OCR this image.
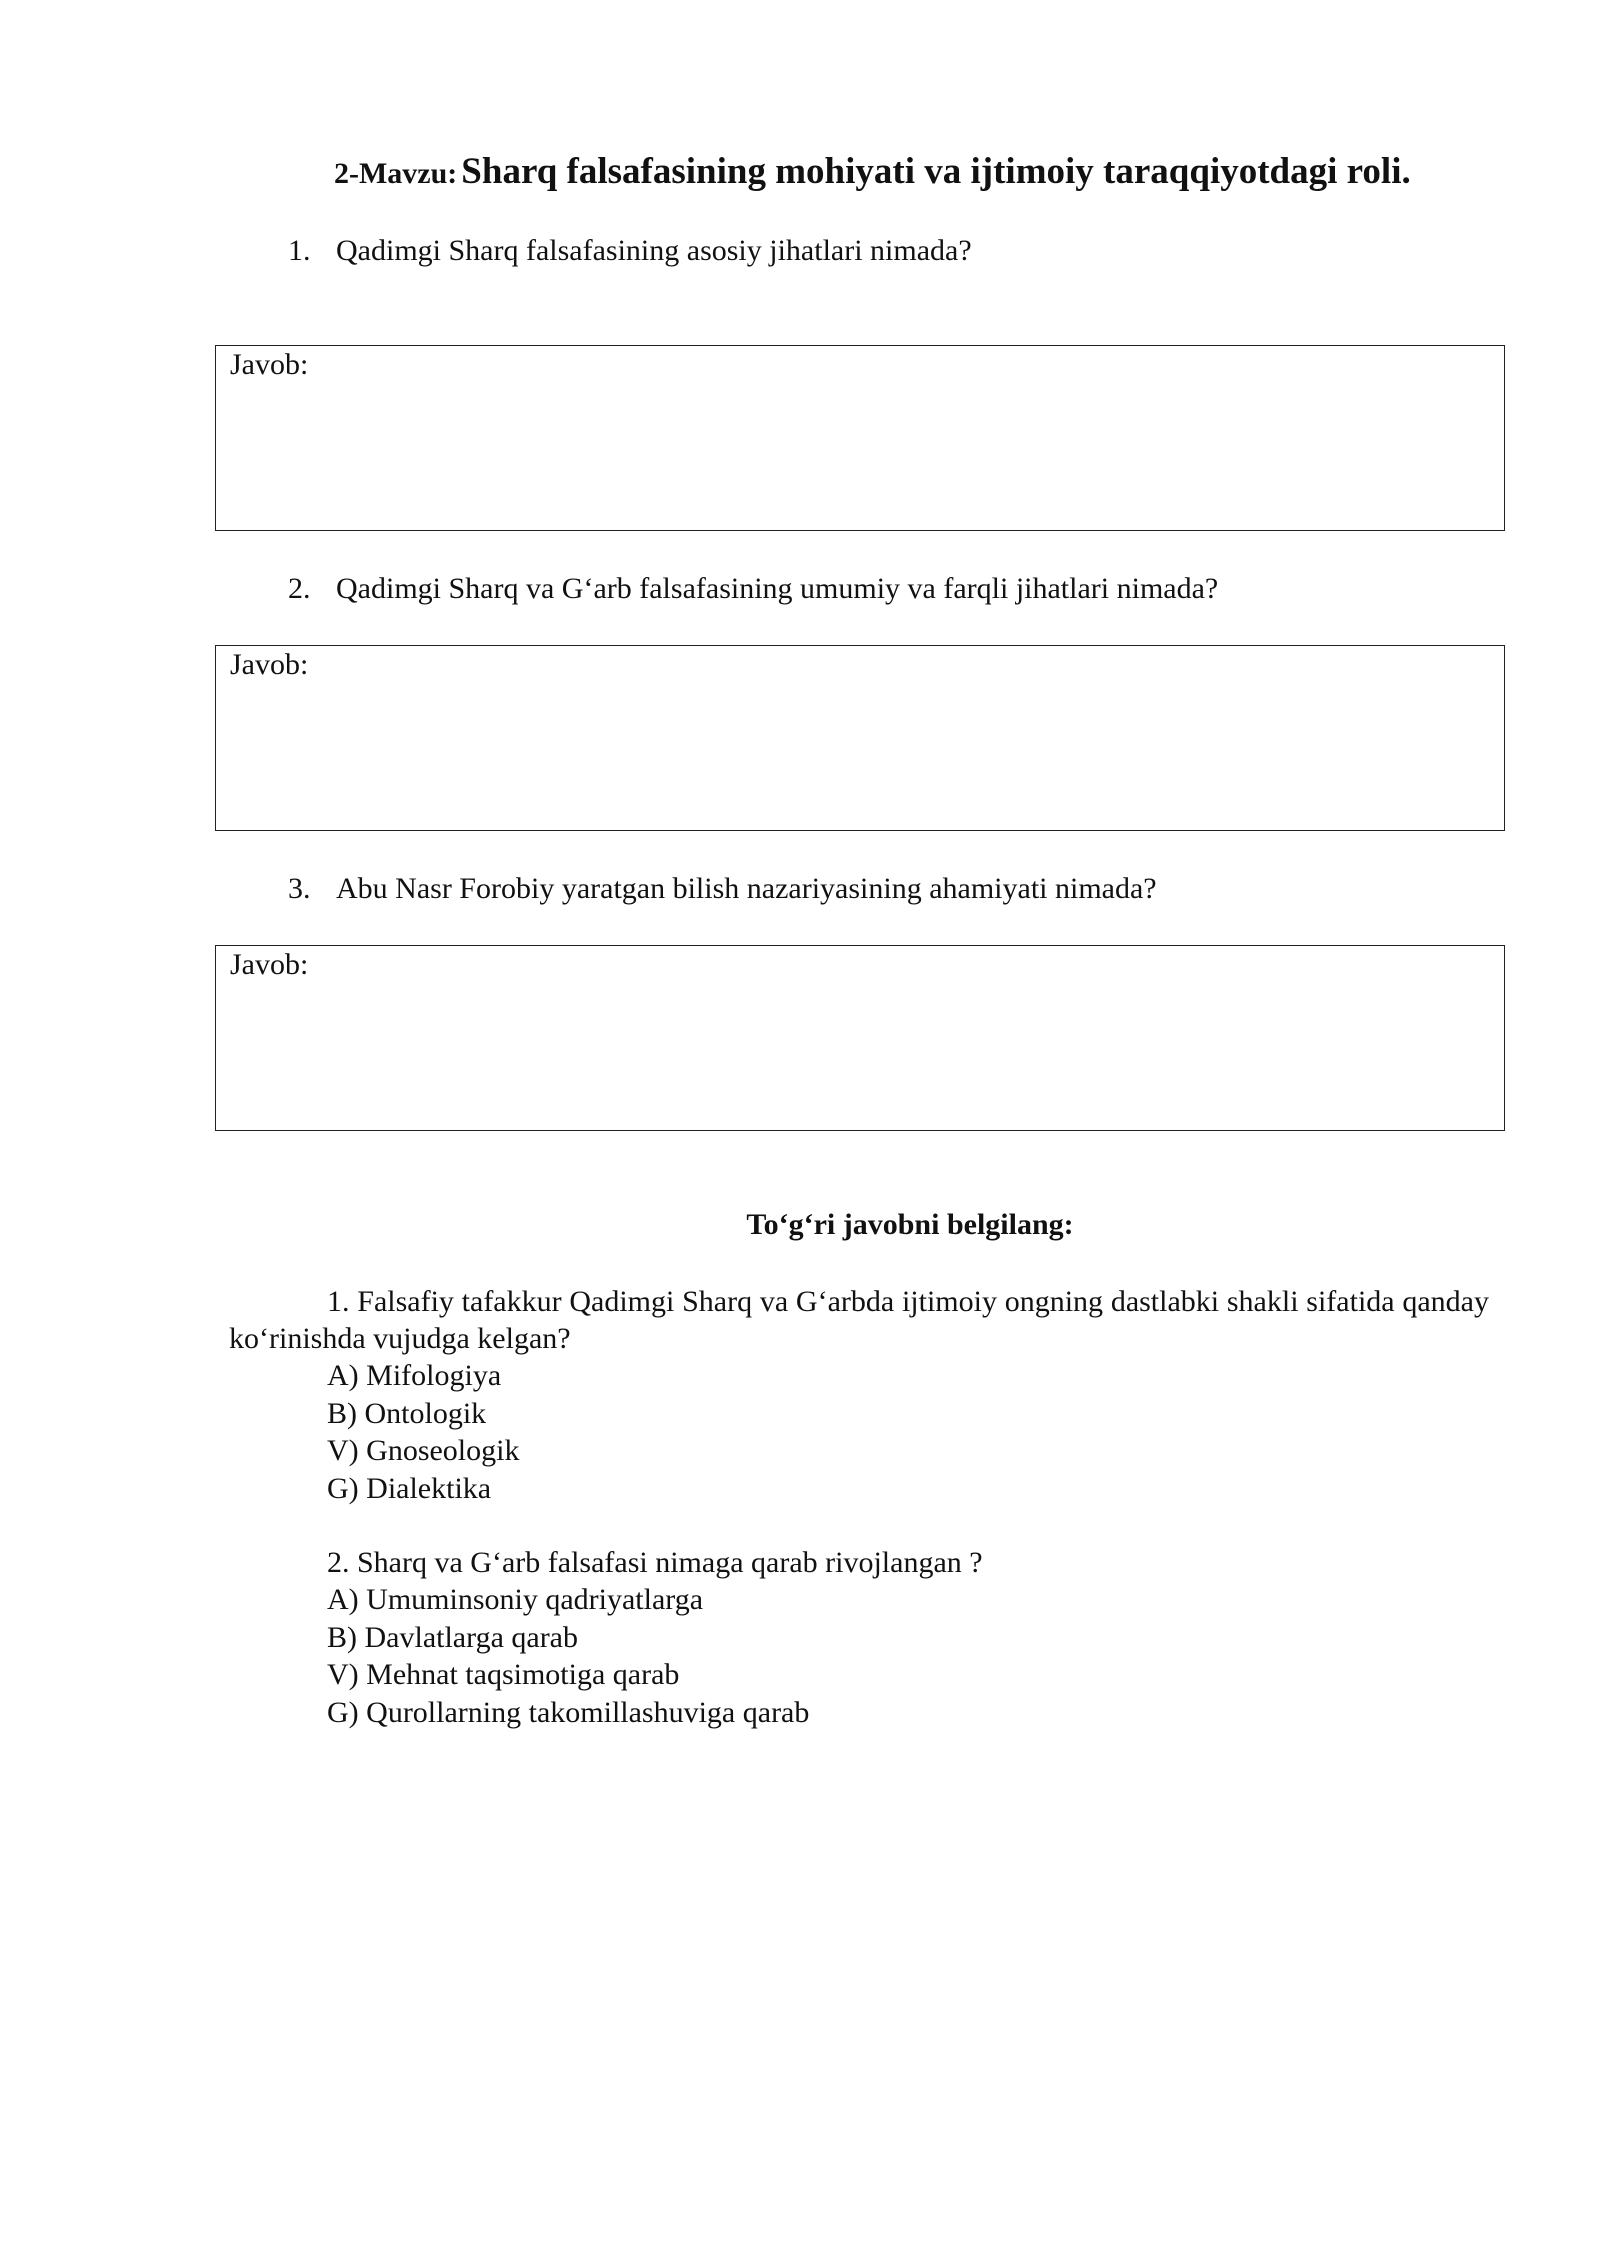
2-Mavzu: Sharq falsafasining mohiyati va ijtimoiy taraqqiyotdagi roli.
1. Qadimgi Sharq falsafasining asosiy jihatlari nimada?
Javob:
2. Qadimgi Sharq va G‘arb falsafasining umumiy va farqli jihatlari nimada?
Javob:
3. Abu Nasr Forobiy yaratgan bilish nazariyasining ahamiyati nimada?
Javob:
To‘g‘ri javobni belgilang:
1. Falsafiy tafakkur Qadimgi Sharq va G‘arbda ijtimoiy ongning dastlabki shakli sifatida qanday ko‘rinishda vujudga kelgan?
A) Mifologiya
B) Ontologik
V) Gnoseologik
G) Dialektika
2. Sharq va G‘arb falsafasi nimaga qarab rivojlangan ?
A) Umuminsoniy qadriyatlarga
B) Davlatlarga qarab
V) Mehnat taqsimotiga qarab
G) Qurollarning takomillashuviga qarab
